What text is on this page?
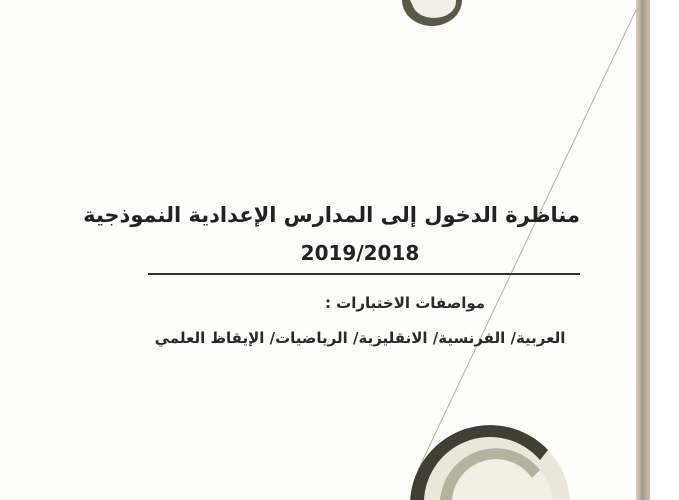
مناظرة الدخول إلى المدارس الإعدادية النموذجية
2019/2018
مواصفات الاختبارات :
العربية/ الفرنسية/ الانقليزية/ الرياضيات/ الإيقاظ العلمي
